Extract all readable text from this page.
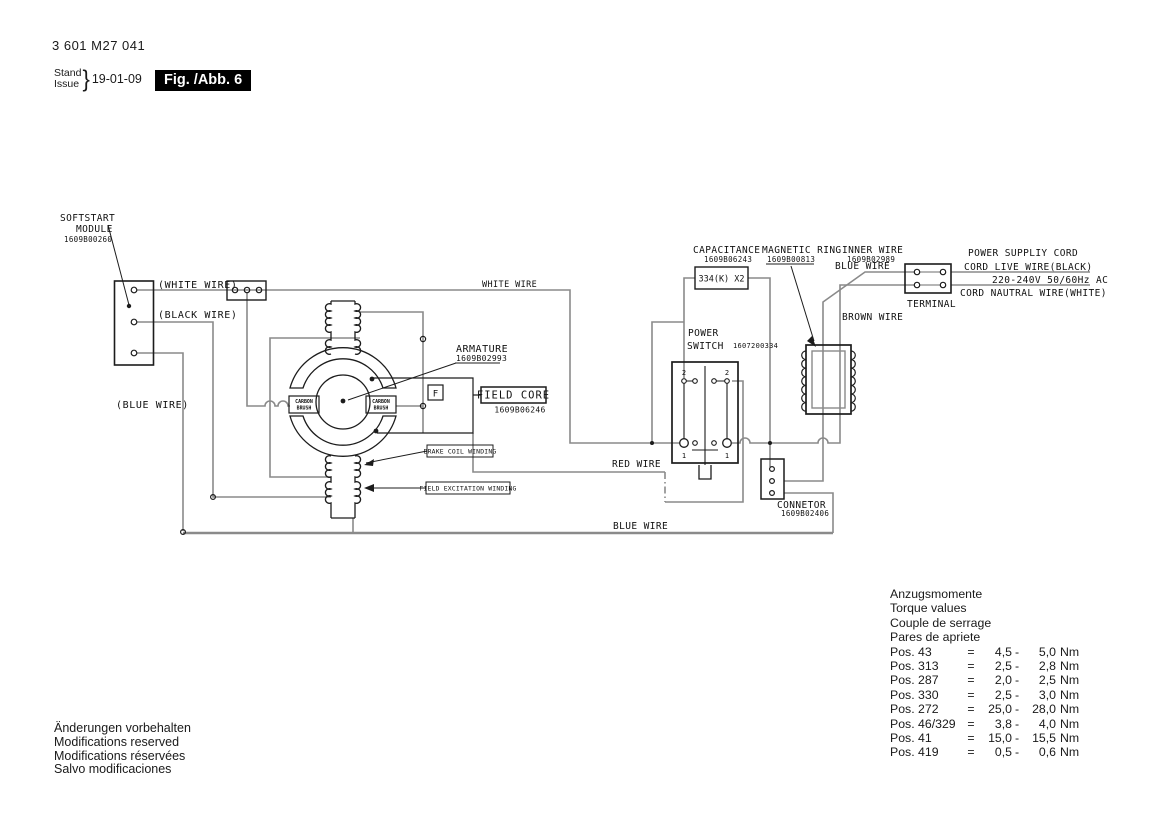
3 601 M27 041
Stand
Issue } 19-01-09	Fig. /Abb. 6
SOFTSTART
MODULE
1609B00260
(WHITE WIRE)
(BLACK WIRE)
(BLUE WIRE)
WHITE WIRE
RED WIRE
BLUE WIRE
ARMATURE
1609B02993
CARBON
BRUSH
CARBON
BRUSH
F	FIELD CORE
1609B06246
BRAKE COIL WINDING
FIELD EXCITATION WINDING
POWER
SWITCH 1607200334
2	2
1	1
CAPACITANCE
1609B06243
334(K) X2
MAGNETIC RING
1609B00813
INNER WIRE
1609B02989
BLUE WIRE
BROWN WIRE
TERMINAL
POWER SUPPLIY CORD
CORD LIVE WIRE(BLACK)
220-240V 50/60Hz AC
CORD NAUTRAL WIRE(WHITE)
CONNETOR
1609B02406
Anzugsmomente
Torque values
Couple de serrage
Pares de apriete
Pos. 43	=	4,5 -	5,0 Nm
Pos. 313	=	2,5 -	2,8 Nm
Pos. 287	=	2,0 -	2,5 Nm
Pos. 330	=	2,5 -	3,0 Nm
Pos. 272	=	25,0 -	28,0 Nm
Pos. 46/329 =	3,8 -	4,0 Nm
Pos. 41	=	15,0 -	15,5 Nm
Pos. 419	=	0,5 -	0,6 Nm
Änderungen vorbehalten
Modifications reserved
Modifications réservées
Salvo modificaciones
